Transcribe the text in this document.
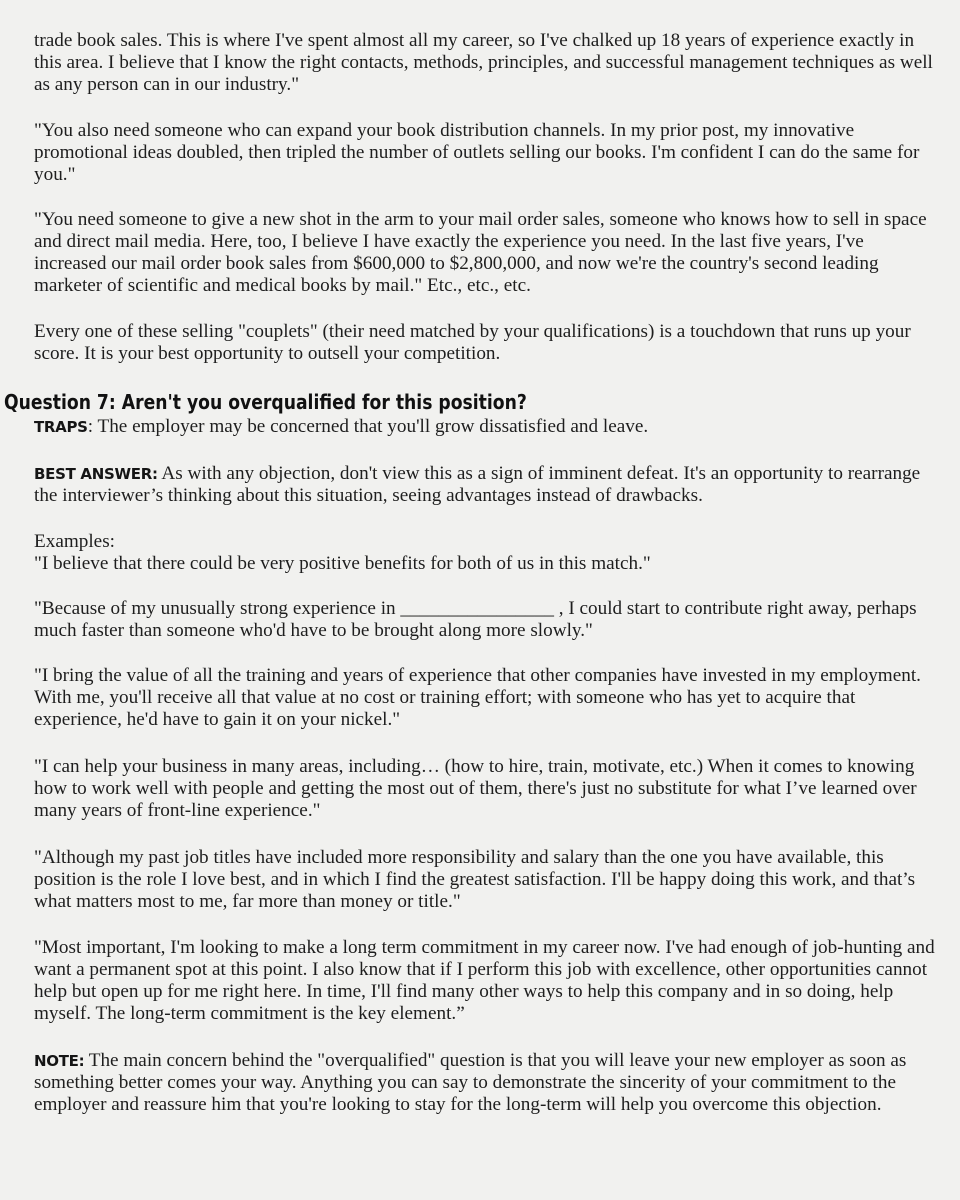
trade book sales. This is where I've spent almost all my career, so I've chalked up 18 years of experience exactly in this area. I believe that I know the right contacts, methods, principles, and successful management techniques as well as any person can in our industry."

"You also need someone who can expand your book distribution channels. In my prior post, my innovative promotional ideas doubled, then tripled the number of outlets selling our books. I'm confident I can do the same for you."

"You need someone to give a new shot in the arm to your mail order sales, someone who knows how to sell in space and direct mail media. Here, too, I believe I have exactly the experience you need. In the last five years, I've increased our mail order book sales from $600,000 to $2,800,000, and now we're the country's second leading marketer of scientific and medical books by mail." Etc., etc., etc.

Every one of these selling "couplets" (their need matched by your qualifications) is a touchdown that runs up your score. It is your best opportunity to outsell your competition.

Question 7: Aren't you overqualified for this position?

TRAPS: The employer may be concerned that you'll grow dissatisfied and leave.

BEST ANSWER: As with any objection, don't view this as a sign of imminent defeat. It's an opportunity to rearrange the interviewer’s thinking about this situation, seeing advantages instead of drawbacks.

Examples:

"I believe that there could be very positive benefits for both of us in this match."

"Because of my unusually strong experience in ________________ , I could start to contribute right away, perhaps much faster than someone who'd have to be brought along more slowly."

"I bring the value of all the training and years of experience that other companies have invested in my employment. With me, you'll receive all that value at no cost or training effort; with someone who has yet to acquire that experience, he'd have to gain it on your nickel."

"I can help your business in many areas, including… (how to hire, train, motivate, etc.) When it comes to knowing how to work well with people and getting the most out of them, there's just no substitute for what I’ve learned over many years of front-line experience."

"Although my past job titles have included more responsibility and salary than the one you have available, this position is the role I love best, and in which I find the greatest satisfaction. I'll be happy doing this work, and that’s what matters most to me, far more than money or title."

"Most important, I'm looking to make a long term commitment in my career now. I've had enough of job-hunting and want a permanent spot at this point. I also know that if I perform this job with excellence, other opportunities cannot help but open up for me right here. In time, I'll find many other ways to help this company and in so doing, help myself. The long-term commitment is the key element.”

NOTE: The main concern behind the "overqualified" question is that you will leave your new employer as soon as something better comes your way. Anything you can say to demonstrate the sincerity of your commitment to the employer and reassure him that you're looking to stay for the long-term will help you overcome this objection.
